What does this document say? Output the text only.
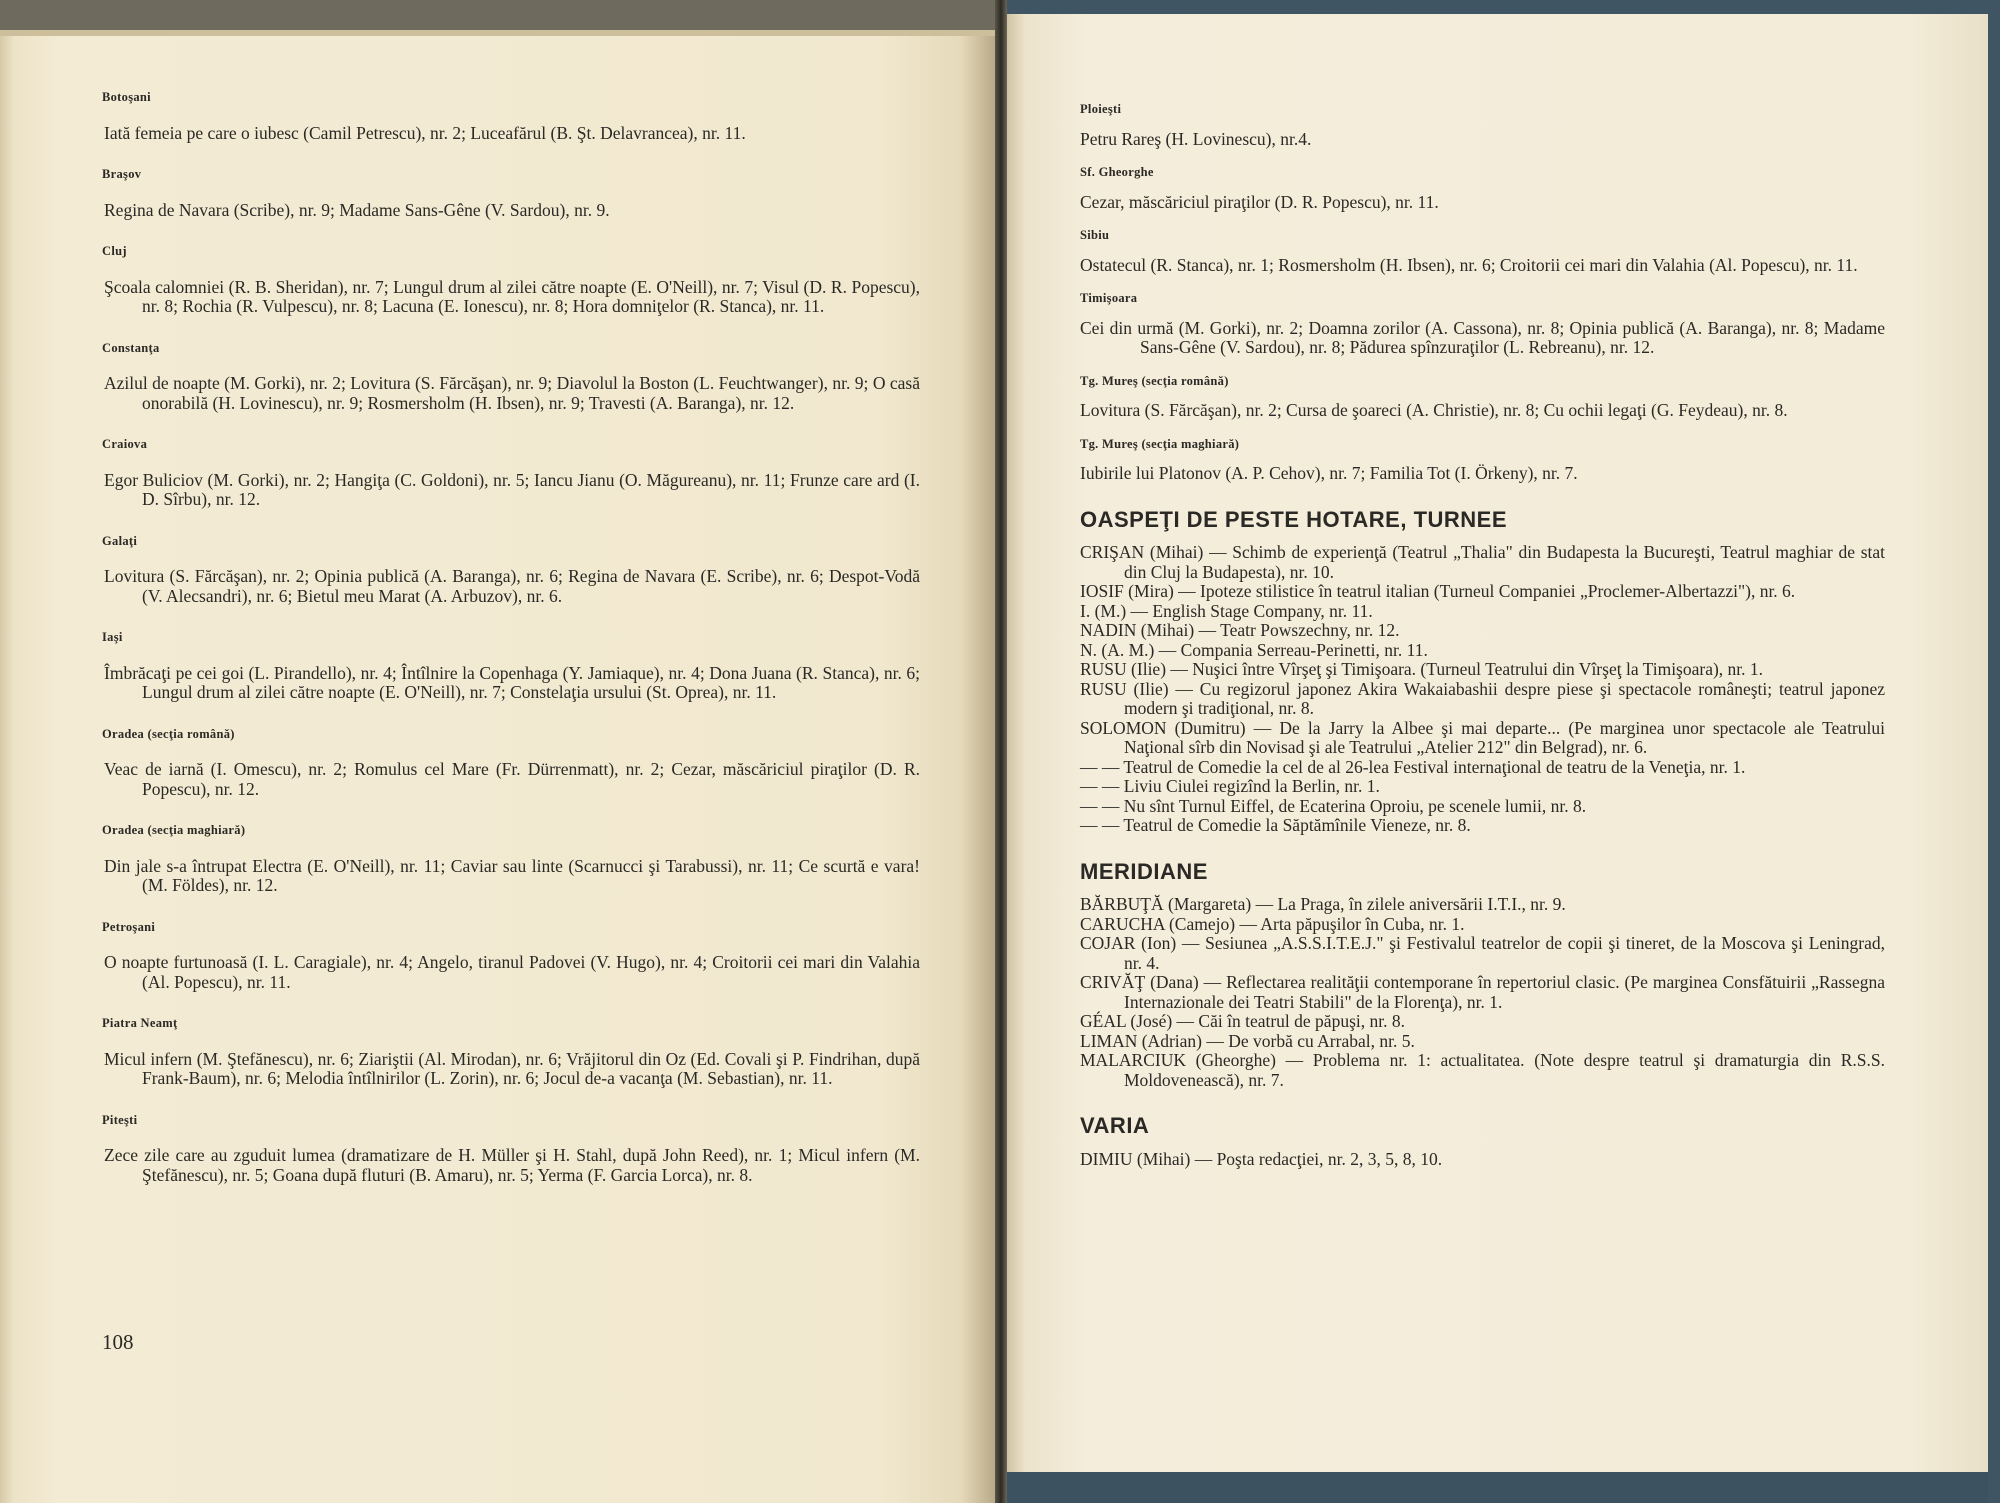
Botoşani
Iată femeia pe care o iubesc (Camil Petrescu), nr. 2; Luceafărul (B. Şt. Delavrancea), nr. 11.
Braşov
Regina de Navara (Scribe), nr. 9; Madame Sans-Gêne (V. Sardou), nr. 9.
Cluj
Şcoala calomniei (R. B. Sheridan), nr. 7; Lungul drum al zilei către noapte (E. O'Neill), nr. 7; Visul (D. R. Popescu), nr. 8; Rochia (R. Vulpescu), nr. 8; Lacuna (E. Ionescu), nr. 8; Hora domniţelor (R. Stanca), nr. 11.
Constanţa
Azilul de noapte (M. Gorki), nr. 2; Lovitura (S. Fărcăşan), nr. 9; Diavolul la Boston (L. Feuchtwanger), nr. 9; O casă onorabilă (H. Lovinescu), nr. 9; Rosmersholm (H. Ibsen), nr. 9; Travesti (A. Baranga), nr. 12.
Craiova
Egor Buliciov (M. Gorki), nr. 2; Hangiţa (C. Goldoni), nr. 5; Iancu Jianu (O. Măgureanu), nr. 11; Frunze care ard (I. D. Sîrbu), nr. 12.
Galaţi
Lovitura (S. Fărcăşan), nr. 2; Opinia publică (A. Baranga), nr. 6; Regina de Navara (E. Scribe), nr. 6; Despot-Vodă (V. Alecsandri), nr. 6; Bietul meu Marat (A. Arbuzov), nr. 6.
Iaşi
Îmbrăcaţi pe cei goi (L. Pirandello), nr. 4; Întîlnire la Copenhaga (Y. Jamiaque), nr. 4; Dona Juana (R. Stanca), nr. 6; Lungul drum al zilei către noapte (E. O'Neill), nr. 7; Constelaţia ursului (St. Oprea), nr. 11.
Oradea (secţia română)
Veac de iarnă (I. Omescu), nr. 2; Romulus cel Mare (Fr. Dürrenmatt), nr. 2; Cezar, măscăriciul piraţilor (D. R. Popescu), nr. 12.
Oradea (secţia maghiară)
Din jale s-a întrupat Electra (E. O'Neill), nr. 11; Caviar sau linte (Scarnucci şi Tarabussi), nr. 11; Ce scurtă e vara! (M. Földes), nr. 12.
Petroşani
O noapte furtunoasă (I. L. Caragiale), nr. 4; Angelo, tiranul Padovei (V. Hugo), nr. 4; Croitorii cei mari din Valahia (Al. Popescu), nr. 11.
Piatra Neamţ
Micul infern (M. Ştefănescu), nr. 6; Ziariştii (Al. Mirodan), nr. 6; Vrăjitorul din Oz (Ed. Covali şi P. Findrihan, după Frank-Baum), nr. 6; Melodia întîlnirilor (L. Zorin), nr. 6; Jocul de-a vacanţa (M. Sebastian), nr. 11.
Piteşti
Zece zile care au zguduit lumea (dramatizare de H. Müller şi H. Stahl, după John Reed), nr. 1; Micul infern (M. Ştefănescu), nr. 5; Goana după fluturi (B. Amaru), nr. 5; Yerma (F. Garcia Lorca), nr. 8.
108
Ploieşti
Petru Rareş (H. Lovinescu), nr.4.
Sf. Gheorghe
Cezar, măscăriciul piraţilor (D. R. Popescu), nr. 11.
Sibiu
Ostatecul (R. Stanca), nr. 1; Rosmersholm (H. Ibsen), nr. 6; Croitorii cei mari din Valahia (Al. Popescu), nr. 11.
Timişoara
Cei din urmă (M. Gorki), nr. 2; Doamna zorilor (A. Cassona), nr. 8; Opinia publică (A. Baranga), nr. 8; Madame Sans-Gêne (V. Sardou), nr. 8; Pădurea spînzuraţilor (L. Rebreanu), nr. 12.
Tg. Mureş (secţia română)
Lovitura (S. Fărcăşan), nr. 2; Cursa de şoareci (A. Christie), nr. 8; Cu ochii legaţi (G. Feydeau), nr. 8.
Tg. Mureş (secţia maghiară)
Iubirile lui Platonov (A. P. Cehov), nr. 7; Familia Tot (I. Örkeny), nr. 7.
OASPEŢI DE PESTE HOTARE, TURNEE
CRIŞAN (Mihai) — Schimb de experienţă (Teatrul „Thalia" din Budapesta la Bucureşti, Teatrul maghiar de stat din Cluj la Budapesta), nr. 10.
IOSIF (Mira) — Ipoteze stilistice în teatrul italian (Turneul Companiei „Proclemer-Albertazzi"), nr. 6.
I. (M.) — English Stage Company, nr. 11.
NADIN (Mihai) — Teatr Powszechny, nr. 12.
N. (A. M.) — Compania Serreau-Perinetti, nr. 11.
RUSU (Ilie) — Nuşici între Vîrşeţ şi Timişoara. (Turneul Teatrului din Vîrşeţ la Timişoara), nr. 1.
RUSU (Ilie) — Cu regizorul japonez Akira Wakaiabashii despre piese şi spectacole româneşti; teatrul japonez modern şi tradiţional, nr. 8.
SOLOMON (Dumitru) — De la Jarry la Albee şi mai departe... (Pe marginea unor spectacole ale Teatrului Naţional sîrb din Novisad şi ale Teatrului „Atelier 212" din Belgrad), nr. 6.
— — Teatrul de Comedie la cel de al 26-lea Festival internaţional de teatru de la Veneţia, nr. 1.
— — Liviu Ciulei regizînd la Berlin, nr. 1.
— — Nu sînt Turnul Eiffel, de Ecaterina Oproiu, pe scenele lumii, nr. 8.
— — Teatrul de Comedie la Săptămînile Vieneze, nr. 8.
MERIDIANE
BĂRBUŢĂ (Margareta) — La Praga, în zilele aniversării I.T.I., nr. 9.
CARUCHA (Camejo) — Arta păpuşilor în Cuba, nr. 1.
COJAR (Ion) — Sesiunea „A.S.S.I.T.E.J." şi Festivalul teatrelor de copii şi tineret, de la Moscova şi Leningrad, nr. 4.
CRIVĂŢ (Dana) — Reflectarea realităţii contemporane în repertoriul clasic. (Pe marginea Consfătuirii „Rassegna Internazionale dei Teatri Stabili" de la Florenţa), nr. 1.
GÉAL (José) — Căi în teatrul de păpuşi, nr. 8.
LIMAN (Adrian) — De vorbă cu Arrabal, nr. 5.
MALARCIUK (Gheorghe) — Problema nr. 1: actualitatea. (Note despre teatrul şi dramaturgia din R.S.S. Moldovenească), nr. 7.
VARIA
DIMIU (Mihai) — Poşta redacţiei, nr. 2, 3, 5, 8, 10.
